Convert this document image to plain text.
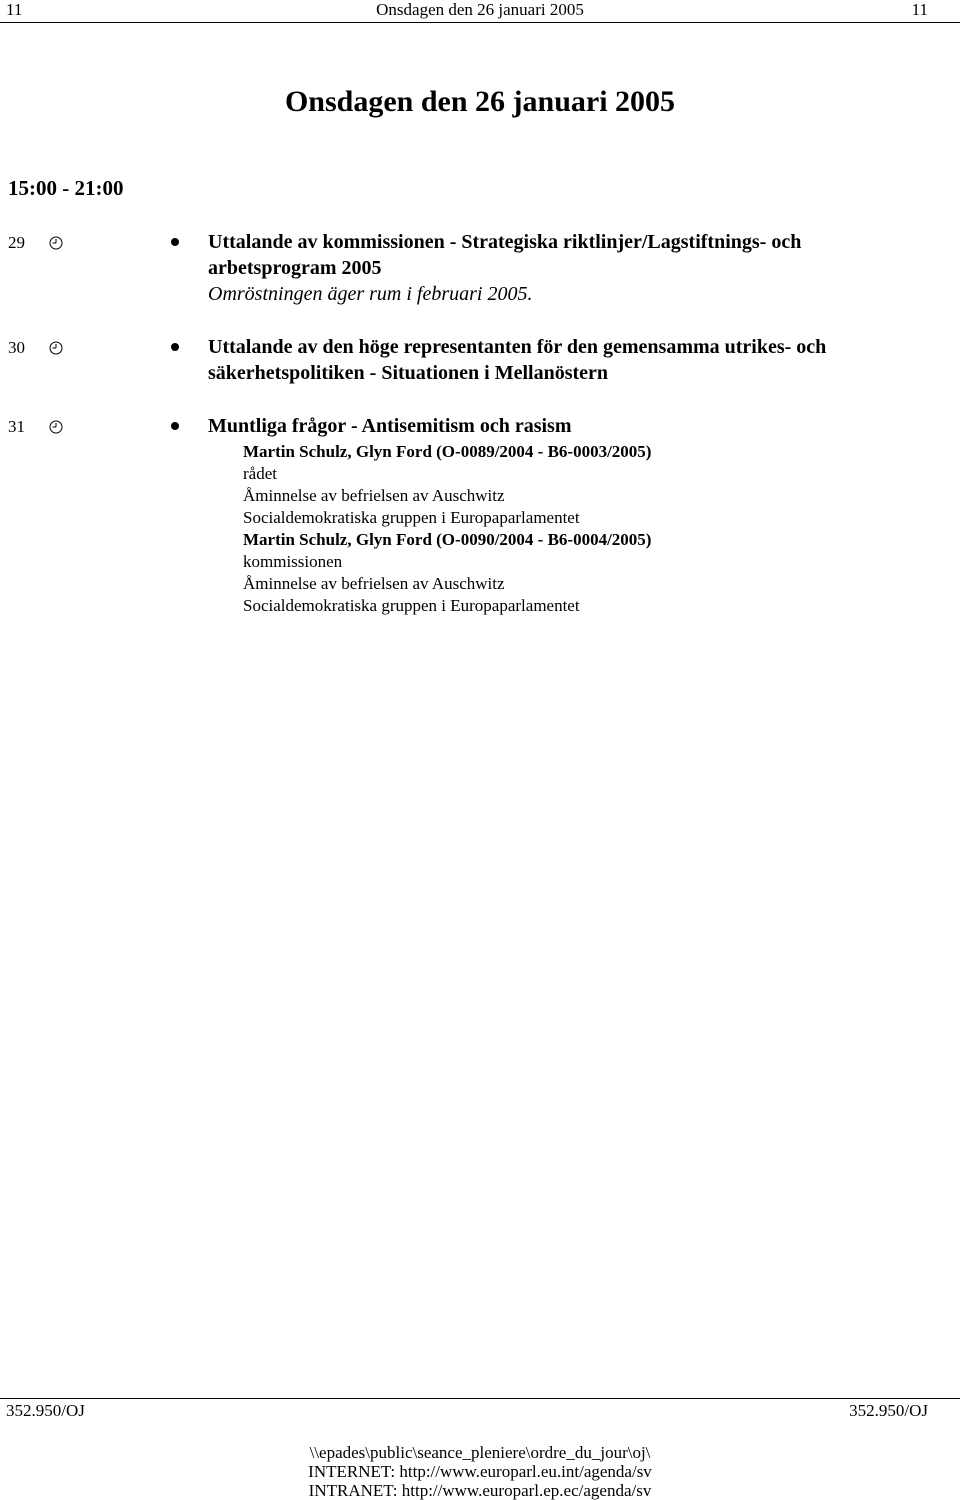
11	Onsdagen den 26 januari 2005	11
Onsdagen den 26 januari 2005
15:00 - 21:00
29	Uttalande av kommissionen - Strategiska riktlinjer/Lagstiftnings- och
arbetsprogram 2005
Omröstningen äger rum i februari 2005.
30	Uttalande av den höge representanten för den gemensamma utrikes- och
säkerhetspolitiken - Situationen i Mellanöstern
31	Muntliga frågor - Antisemitism och rasism
Martin Schulz, Glyn Ford (O-0089/2004 - B6-0003/2005)
rådet
Åminnelse av befrielsen av Auschwitz
Socialdemokratiska gruppen i Europaparlamentet
Martin Schulz, Glyn Ford (O-0090/2004 - B6-0004/2005)
kommissionen
Åminnelse av befrielsen av Auschwitz
Socialdemokratiska gruppen i Europaparlamentet
352.950/OJ	352.950/OJ
\\epades\public\seance_pleniere\ordre_du_jour\oj\
INTERNET: http://www.europarl.eu.int/agenda/sv
INTRANET: http://www.europarl.ep.ec/agenda/sv
